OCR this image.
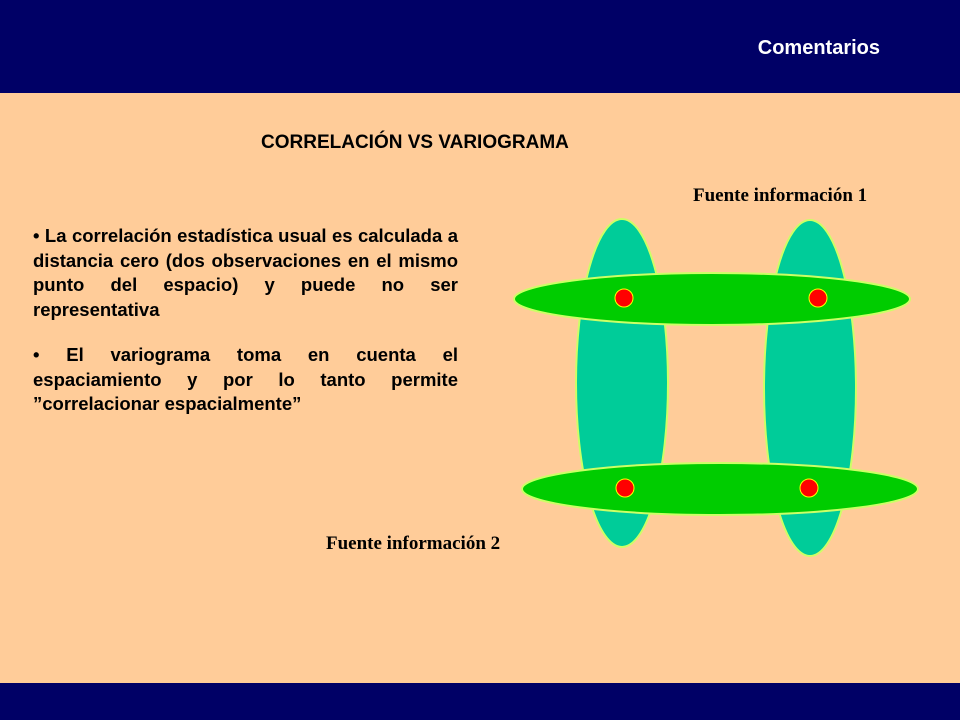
Comentarios
CORRELACIÓN VS VARIOGRAMA
• La correlación estadística usual es calculada a distancia cero (dos observaciones en el mismo punto del espacio) y puede no ser representativa
• El variograma toma en cuenta el espaciamiento y por lo tanto permite ”correlacionar espacialmente”
Fuente información 1
Fuente información 2
